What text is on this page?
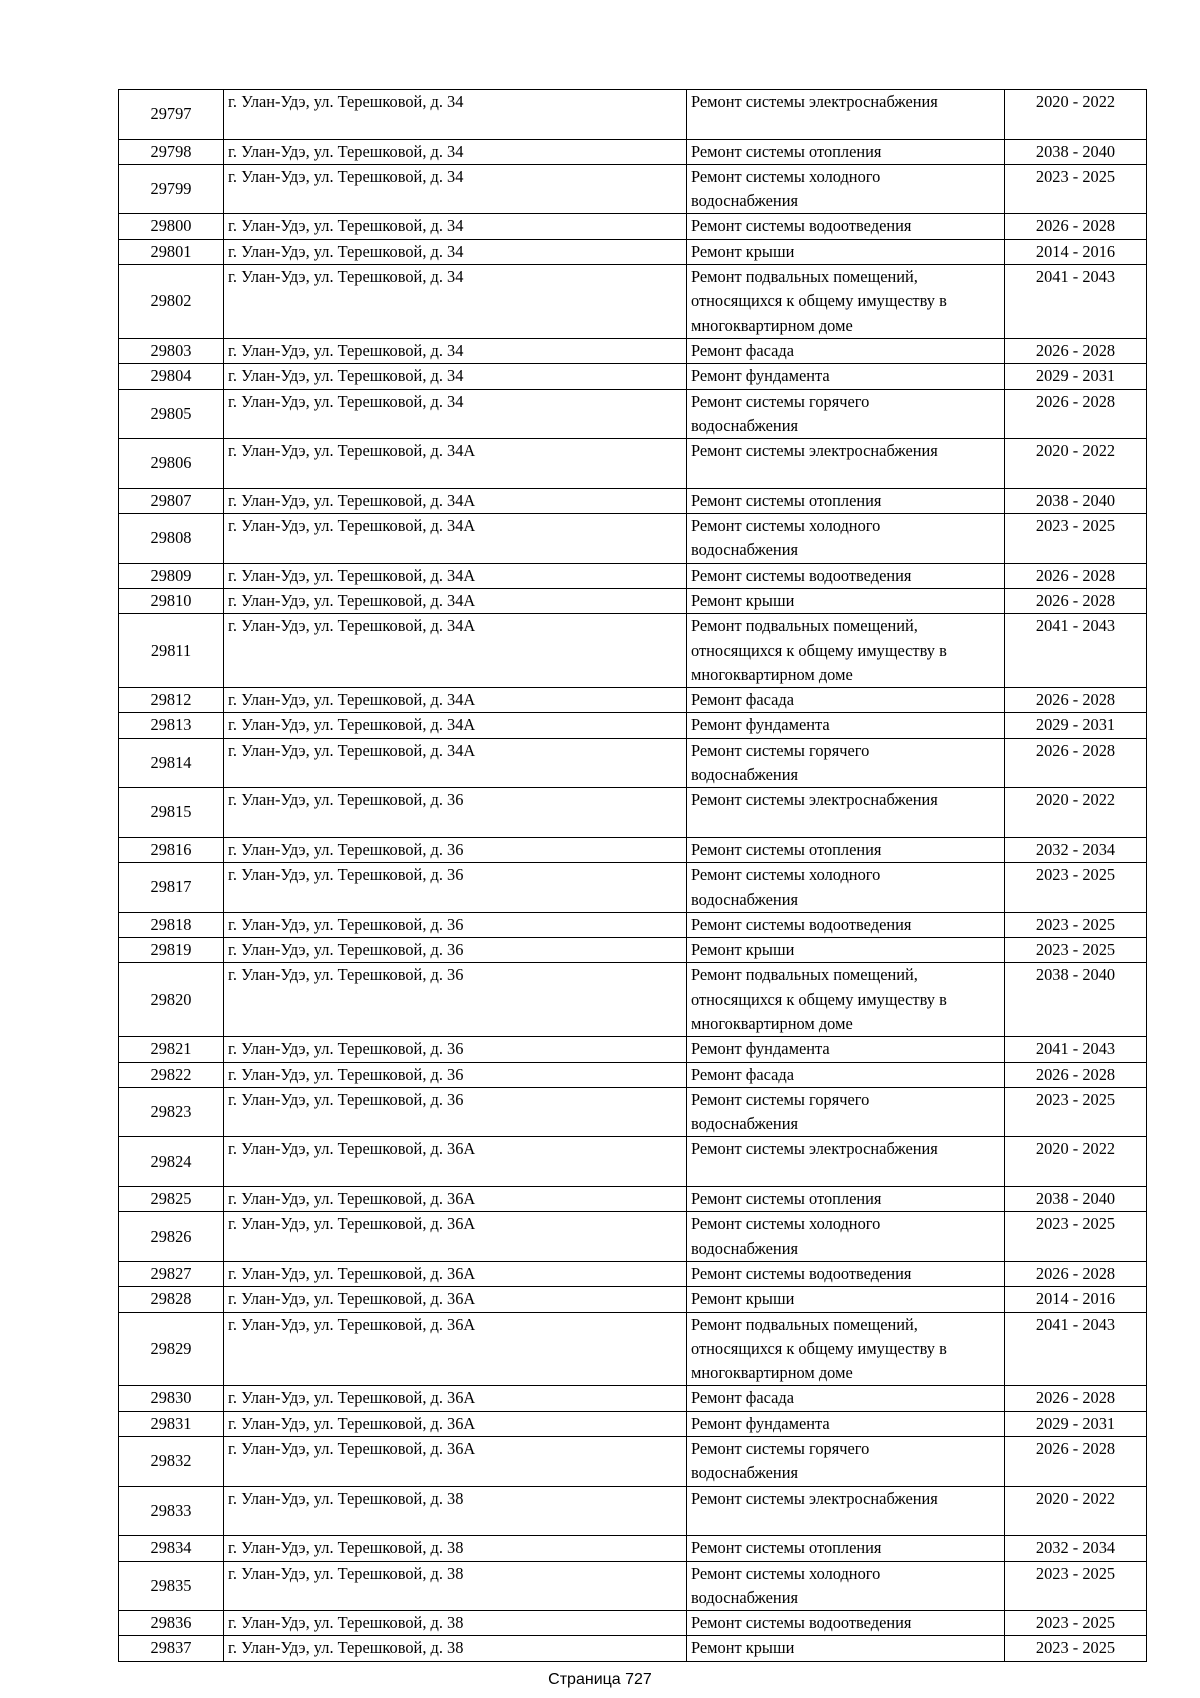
29797	г. Улан-Удэ, ул. Терешковой, д. 34	Ремонт системы электроснабжения	2020 - 2022
29798	г. Улан-Удэ, ул. Терешковой, д. 34	Ремонт системы отопления	2038 - 2040
29799	г. Улан-Удэ, ул. Терешковой, д. 34	Ремонт системы холодного
водоснабжения	2023 - 2025
29800	г. Улан-Удэ, ул. Терешковой, д. 34	Ремонт системы водоотведения	2026 - 2028
29801	г. Улан-Удэ, ул. Терешковой, д. 34	Ремонт крыши	2014 - 2016
29802	г. Улан-Удэ, ул. Терешковой, д. 34	Ремонт подвальных помещений,
относящихся к общему имуществу в
многоквартирном доме	2041 - 2043
29803	г. Улан-Удэ, ул. Терешковой, д. 34	Ремонт фасада	2026 - 2028
29804	г. Улан-Удэ, ул. Терешковой, д. 34	Ремонт фундамента	2029 - 2031
29805	г. Улан-Удэ, ул. Терешковой, д. 34	Ремонт системы горячего
водоснабжения	2026 - 2028
29806	г. Улан-Удэ, ул. Терешковой, д. 34А	Ремонт системы электроснабжения	2020 - 2022
29807	г. Улан-Удэ, ул. Терешковой, д. 34А	Ремонт системы отопления	2038 - 2040
29808	г. Улан-Удэ, ул. Терешковой, д. 34А	Ремонт системы холодного
водоснабжения	2023 - 2025
29809	г. Улан-Удэ, ул. Терешковой, д. 34А	Ремонт системы водоотведения	2026 - 2028
29810	г. Улан-Удэ, ул. Терешковой, д. 34А	Ремонт крыши	2026 - 2028
29811	г. Улан-Удэ, ул. Терешковой, д. 34А	Ремонт подвальных помещений,
относящихся к общему имуществу в
многоквартирном доме	2041 - 2043
29812	г. Улан-Удэ, ул. Терешковой, д. 34А	Ремонт фасада	2026 - 2028
29813	г. Улан-Удэ, ул. Терешковой, д. 34А	Ремонт фундамента	2029 - 2031
29814	г. Улан-Удэ, ул. Терешковой, д. 34А	Ремонт системы горячего
водоснабжения	2026 - 2028
29815	г. Улан-Удэ, ул. Терешковой, д. 36	Ремонт системы электроснабжения	2020 - 2022
29816	г. Улан-Удэ, ул. Терешковой, д. 36	Ремонт системы отопления	2032 - 2034
29817	г. Улан-Удэ, ул. Терешковой, д. 36	Ремонт системы холодного
водоснабжения	2023 - 2025
29818	г. Улан-Удэ, ул. Терешковой, д. 36	Ремонт системы водоотведения	2023 - 2025
29819	г. Улан-Удэ, ул. Терешковой, д. 36	Ремонт крыши	2023 - 2025
29820	г. Улан-Удэ, ул. Терешковой, д. 36	Ремонт подвальных помещений,
относящихся к общему имуществу в
многоквартирном доме	2038 - 2040
29821	г. Улан-Удэ, ул. Терешковой, д. 36	Ремонт фундамента	2041 - 2043
29822	г. Улан-Удэ, ул. Терешковой, д. 36	Ремонт фасада	2026 - 2028
29823	г. Улан-Удэ, ул. Терешковой, д. 36	Ремонт системы горячего
водоснабжения	2023 - 2025
29824	г. Улан-Удэ, ул. Терешковой, д. 36А	Ремонт системы электроснабжения	2020 - 2022
29825	г. Улан-Удэ, ул. Терешковой, д. 36А	Ремонт системы отопления	2038 - 2040
29826	г. Улан-Удэ, ул. Терешковой, д. 36А	Ремонт системы холодного
водоснабжения	2023 - 2025
29827	г. Улан-Удэ, ул. Терешковой, д. 36А	Ремонт системы водоотведения	2026 - 2028
29828	г. Улан-Удэ, ул. Терешковой, д. 36А	Ремонт крыши	2014 - 2016
29829	г. Улан-Удэ, ул. Терешковой, д. 36А	Ремонт подвальных помещений,
относящихся к общему имуществу в
многоквартирном доме	2041 - 2043
29830	г. Улан-Удэ, ул. Терешковой, д. 36А	Ремонт фасада	2026 - 2028
29831	г. Улан-Удэ, ул. Терешковой, д. 36А	Ремонт фундамента	2029 - 2031
29832	г. Улан-Удэ, ул. Терешковой, д. 36А	Ремонт системы горячего
водоснабжения	2026 - 2028
29833	г. Улан-Удэ, ул. Терешковой, д. 38	Ремонт системы электроснабжения	2020 - 2022
29834	г. Улан-Удэ, ул. Терешковой, д. 38	Ремонт системы отопления	2032 - 2034
29835	г. Улан-Удэ, ул. Терешковой, д. 38	Ремонт системы холодного
водоснабжения	2023 - 2025
29836	г. Улан-Удэ, ул. Терешковой, д. 38	Ремонт системы водоотведения	2023 - 2025
29837	г. Улан-Удэ, ул. Терешковой, д. 38	Ремонт крыши	2023 - 2025
Страница 727
